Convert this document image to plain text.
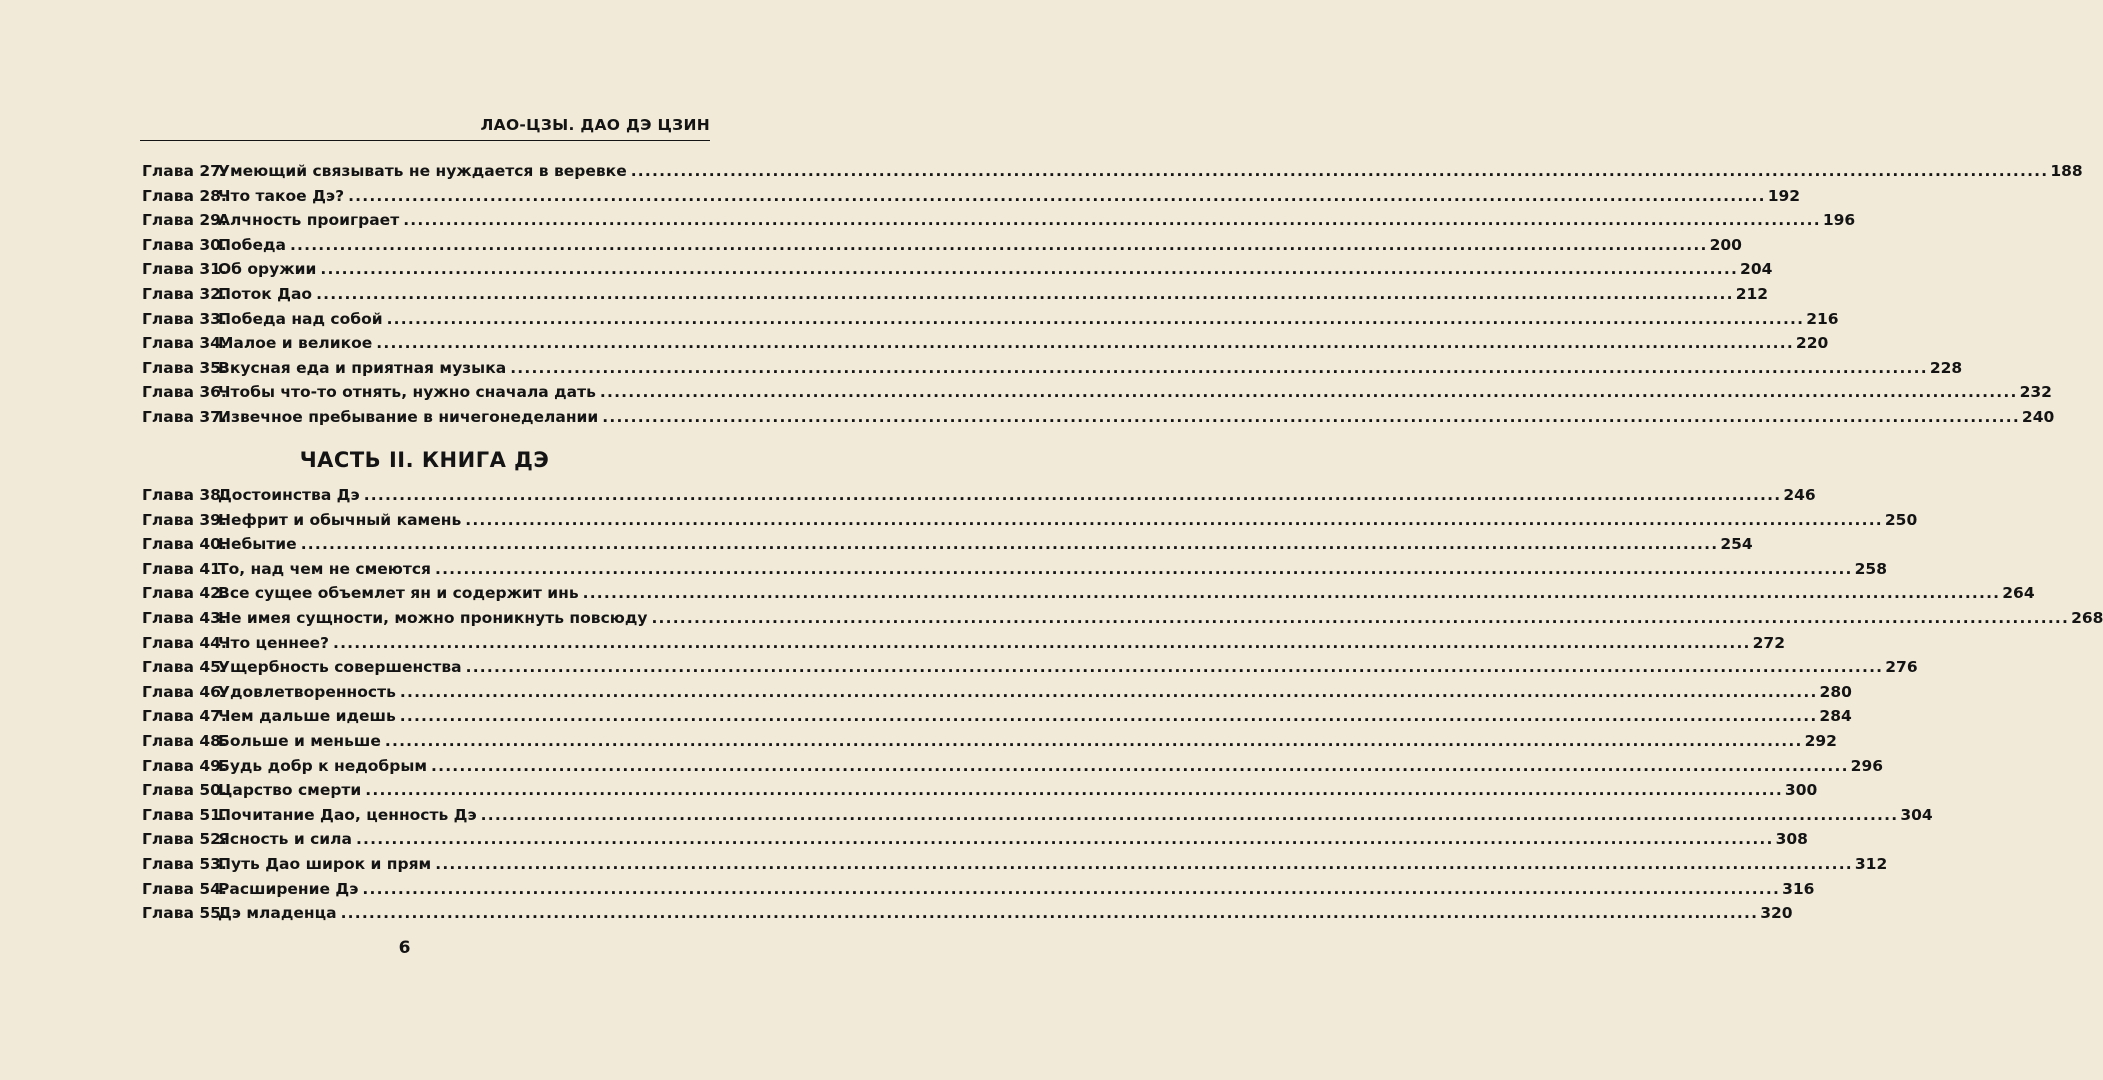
ЛАО-ЦЗЫ. ДАО ДЭ ЦЗИН
Глава 27.
Умеющий связывать не нуждается в веревке ........................................................................................................................................................................................................ 188
Глава 28.
Что такое Дэ? ........................................................................................................................................................................................................ 192
Глава 29.
Алчность проиграет ........................................................................................................................................................................................................ 196
Глава 30.
Победа ........................................................................................................................................................................................................ 200
Глава 31.
Об оружии ........................................................................................................................................................................................................ 204
Глава 32.
Поток Дао ........................................................................................................................................................................................................ 212
Глава 33.
Победа над собой ........................................................................................................................................................................................................ 216
Глава 34.
Малое и великое ........................................................................................................................................................................................................ 220
Глава 35.
Вкусная еда и приятная музыка ........................................................................................................................................................................................................ 228
Глава 36.
Чтобы что-то отнять, нужно сначала дать ........................................................................................................................................................................................................ 232
Глава 37.
Извечное пребывание в ничегонеделании ........................................................................................................................................................................................................ 240
ЧАСТЬ II. КНИГА ДЭ
Глава 38.
Достоинства Дэ ........................................................................................................................................................................................................ 246
Глава 39.
Нефрит и обычный камень ........................................................................................................................................................................................................ 250
Глава 40.
Небытие ........................................................................................................................................................................................................ 254
Глава 41.
То, над чем не смеются ........................................................................................................................................................................................................ 258
Глава 42.
Все сущее объемлет ян и содержит инь ........................................................................................................................................................................................................ 264
Глава 43.
Не имея сущности, можно проникнуть повсюду ........................................................................................................................................................................................................ 268
Глава 44.
Что ценнее? ........................................................................................................................................................................................................ 272
Глава 45.
Ущербность совершенства ........................................................................................................................................................................................................ 276
Глава 46.
Удовлетворенность ........................................................................................................................................................................................................ 280
Глава 47.
Чем дальше идешь ........................................................................................................................................................................................................ 284
Глава 48.
Больше и меньше ........................................................................................................................................................................................................ 292
Глава 49.
Будь добр к недобрым ........................................................................................................................................................................................................ 296
Глава 50.
Царство смерти ........................................................................................................................................................................................................ 300
Глава 51.
Почитание Дао, ценность Дэ ........................................................................................................................................................................................................ 304
Глава 52.
Ясность и сила ........................................................................................................................................................................................................ 308
Глава 53.
Путь Дао широк и прям ........................................................................................................................................................................................................ 312
Глава 54.
Расширение Дэ ........................................................................................................................................................................................................ 316
Глава 55.
Дэ младенца ........................................................................................................................................................................................................ 320
6
